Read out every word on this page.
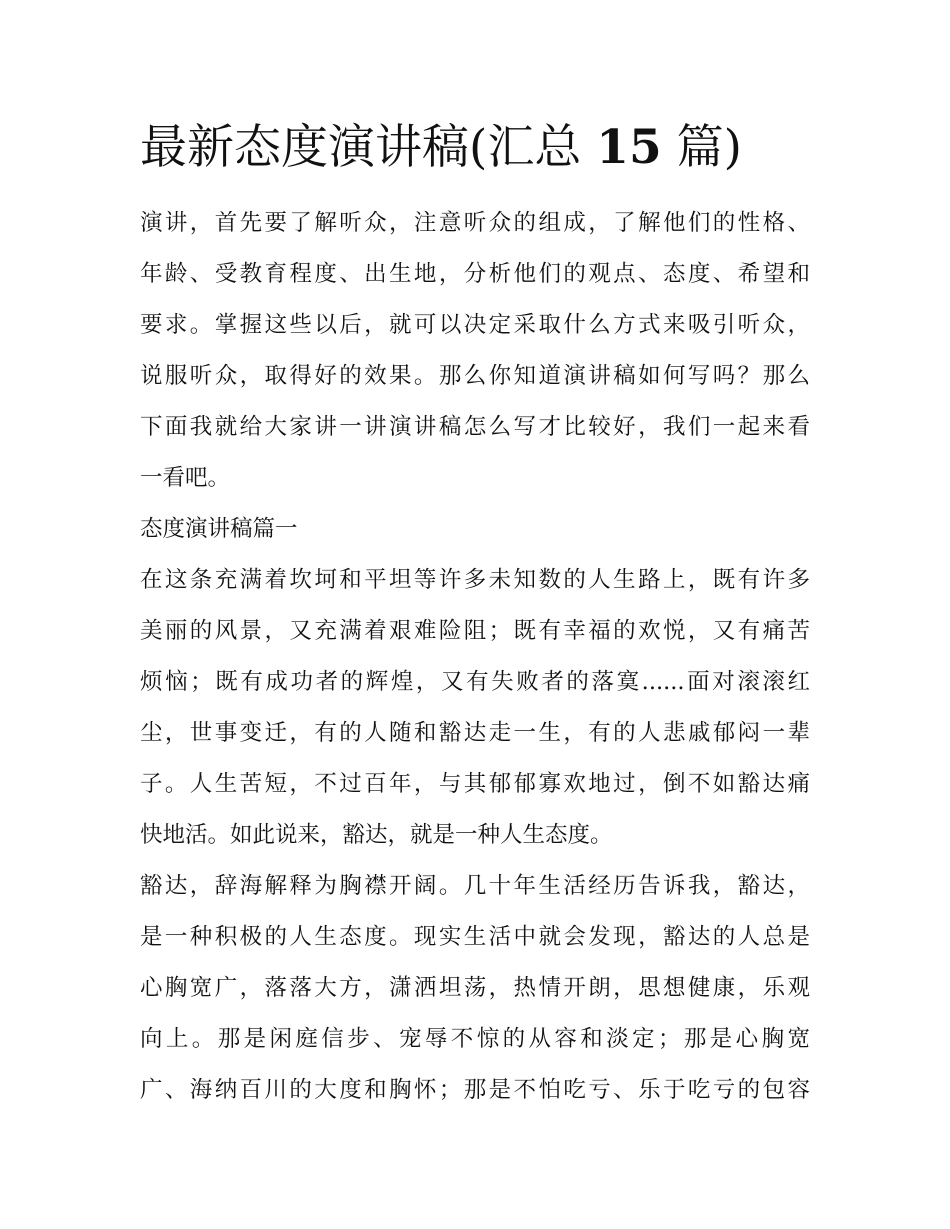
最新态度演讲稿(汇总 15 篇)
演讲，首先要了解听众，注意听众的组成，了解他们的性格、
年龄、受教育程度、出生地，分析他们的观点、态度、希望和
要求。掌握这些以后，就可以决定采取什么方式来吸引听众，
说服听众，取得好的效果。那么你知道演讲稿如何写吗？那么
下面我就给大家讲一讲演讲稿怎么写才比较好，我们一起来看
一看吧。
态度演讲稿篇一
在这条充满着坎坷和平坦等许多未知数的人生路上，既有许多
美丽的风景，又充满着艰难险阻；既有幸福的欢悦，又有痛苦
烦恼；既有成功者的辉煌，又有失败者的落寞......面对滚滚红
尘，世事变迁，有的人随和豁达走一生，有的人悲戚郁闷一辈
子。人生苦短，不过百年，与其郁郁寡欢地过，倒不如豁达痛
快地活。如此说来，豁达，就是一种人生态度。
豁达，辞海解释为胸襟开阔。几十年生活经历告诉我，豁达，
是一种积极的人生态度。现实生活中就会发现，豁达的人总是
心胸宽广，落落大方，潇洒坦荡，热情开朗，思想健康，乐观
向上。那是闲庭信步、宠辱不惊的从容和淡定；那是心胸宽
广、海纳百川的大度和胸怀；那是不怕吃亏、乐于吃亏的包容
